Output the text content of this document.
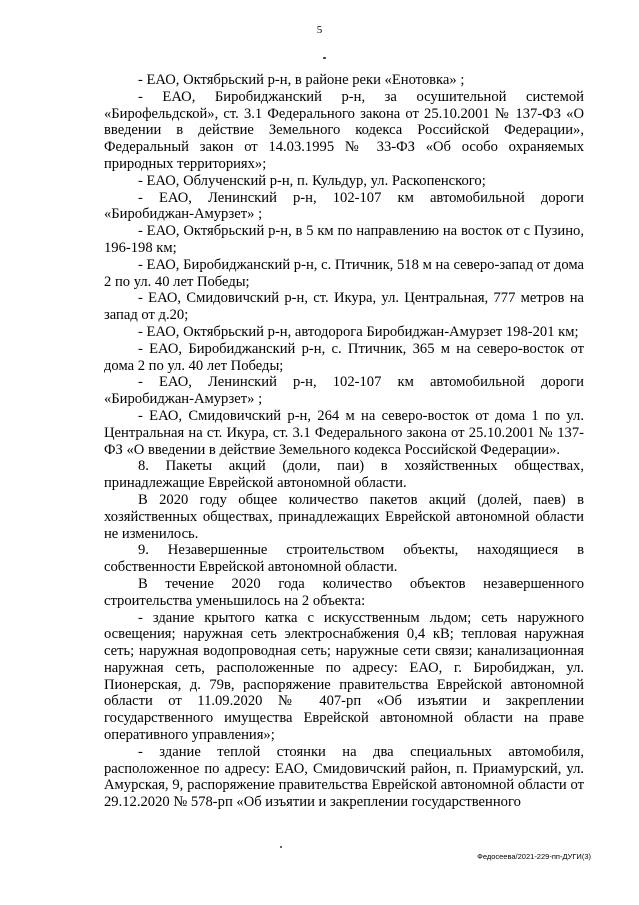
5

- ЕАО, Октябрьский р-н, в районе реки «Енотовка» ;

- ЕАО, Биробиджанский р-н, за осушительной системой «Бирофельдской», ст. 3.1 Федерального закона от 25.10.2001 № 137-ФЗ «О введении в действие Земельного кодекса Российской Федерации», Федеральный закон от 14.03.1995 № 33-ФЗ «Об особо охраняемых природных территориях»;

- ЕАО, Облученский р-н, п. Кульдур, ул. Раскопенского;

- ЕАО, Ленинский р-н, 102-107 км автомобильной дороги «Биробиджан-Амурзет» ;

- ЕАО, Октябрьский р-н, в 5 км по направлению на восток от с Пузино, 196-198 км;

- ЕАО, Биробиджанский р-н, с. Птичник, 518 м на северо-запад от дома 2 по ул. 40 лет Победы;

- ЕАО, Смидовичский р-н, ст. Икура, ул. Центральная, 777 метров на запад от д.20;

- ЕАО, Октябрьский р-н, автодорога Биробиджан-Амурзет 198-201 км;

- ЕАО, Биробиджанский р-н, с. Птичник, 365 м на северо-восток от дома 2 по ул. 40 лет Победы;

- ЕАО, Ленинский р-н, 102-107 км автомобильной дороги «Биробиджан-Амурзет» ;

- ЕАО, Смидовичский р-н, 264 м на северо-восток от дома 1 по ул. Центральная на ст. Икура, ст. 3.1 Федерального закона от 25.10.2001 № 137-ФЗ «О введении в действие Земельного кодекса Российской Федерации».

8. Пакеты акций (доли, паи) в хозяйственных обществах, принадлежащие Еврейской автономной области.

В 2020 году общее количество пакетов акций (долей, паев) в хозяйственных обществах, принадлежащих Еврейской автономной области не изменилось.

9. Незавершенные строительством объекты, находящиеся в собственности Еврейской автономной области.

В течение 2020 года количество объектов незавершенного строительства уменьшилось на 2 объекта:

- здание крытого катка с искусственным льдом; сеть наружного освещения; наружная сеть электроснабжения 0,4 кВ; тепловая наружная сеть; наружная водопроводная сеть; наружные сети связи; канализационная наружная сеть, расположенные по адресу: ЕАО, г. Биробиджан, ул. Пионерская, д. 79в, распоряжение правительства Еврейской автономной области от 11.09.2020 № 407-рп «Об изъятии и закреплении государственного имущества Еврейской автономной области на праве оперативного управления»;

- здание теплой стоянки на два специальных автомобиля, расположенное по адресу: ЕАО, Смидовичский район, п. Приамурский, ул. Амурская, 9, распоряжение правительства Еврейской автономной области от 29.12.2020 № 578-рп «Об изъятии и закреплении государственного

Федосеева/2021-229-пп-ДУГИ(3)
